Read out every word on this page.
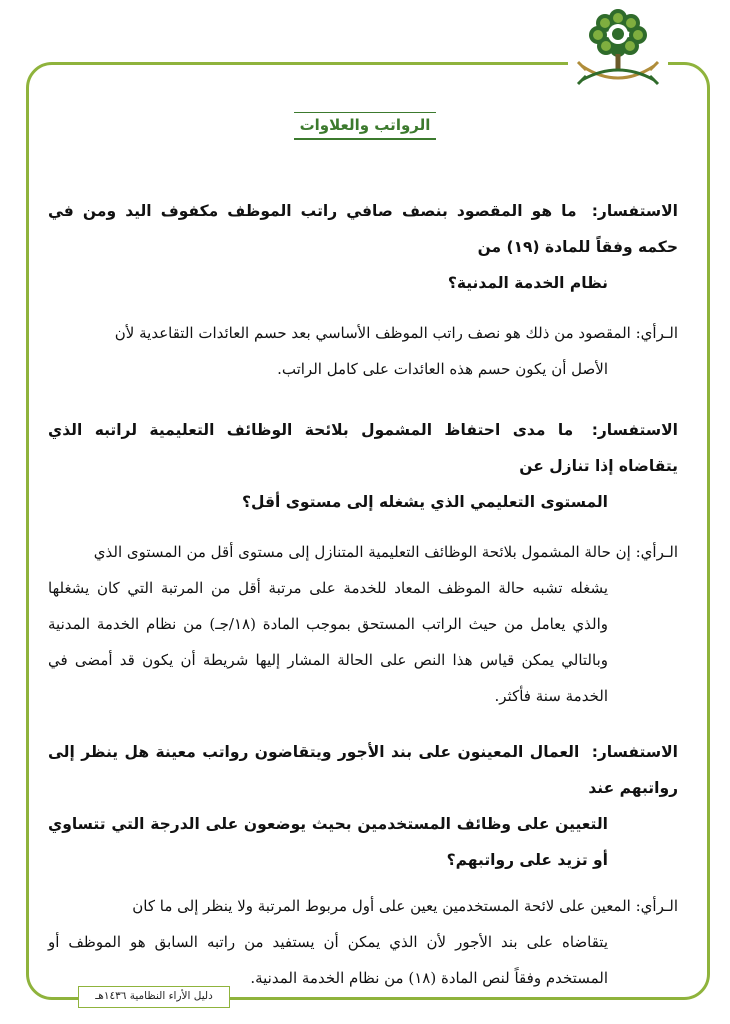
الرواتب والعلاوات

الاستفسار: ما هو المقصود بنصف صافي راتب الموظف مكفوف اليد ومن في حكمه وفقاً للمادة (١٩) من
نظام الخدمة المدنية؟

الـرأي: المقصود من ذلك هو نصف راتب الموظف الأساسي بعد حسم العائدات التقاعدية لأن
الأصل أن يكون حسم هذه العائدات على كامل الراتب.

الاستفسار: ما مدى احتفاظ المشمول بلائحة الوظائف التعليمية لراتبه الذي يتقاضاه إذا تنازل عن
المستوى التعليمي الذي يشغله إلى مستوى أقل؟

الـرأي: إن حالة المشمول بلائحة الوظائف التعليمية المتنازل إلى مستوى أقل من المستوى الذي
يشغله تشبه حالة الموظف المعاد للخدمة على مرتبة أقل من المرتبة التي كان يشغلها والذي يعامل من حيث الراتب المستحق بموجب المادة (١٨/جـ) من نظام الخدمة المدنية وبالتالي يمكن قياس هذا النص على الحالة المشار إليها شريطة أن يكون قد أمضى في الخدمة سنة فأكثر.

الاستفسار: العمال المعينون على بند الأجور ويتقاضون رواتب معينة هل ينظر إلى رواتبهم عند
التعيين على وظائف المستخدمين بحيث يوضعون على الدرجة التي تتساوي أو تزيد على رواتبهم؟

الـرأي: المعين على لائحة المستخدمين يعين على أول مربوط المرتبة ولا ينظر إلى ما كان
يتقاضاه على بند الأجور لأن الذي يمكن أن يستفيد من راتبه السابق هو الموظف أو المستخدم وفقاً لنص المادة (١٨) من نظام الخدمة المدنية.

دليل الأراء النظامية ١٤٣٦هـ
